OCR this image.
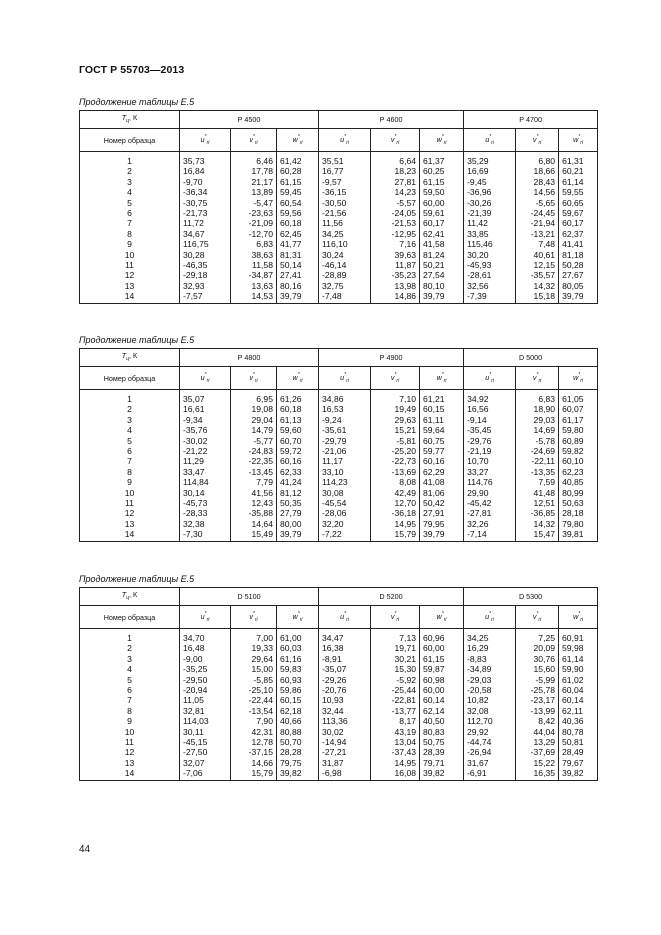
ГОСТ Р 55703—2013
Продолжение таблицы Е.5
$T_ц$, К	Р 4500			Р 4600			Р 4700		
Номер образца	$u^*_{ri}$	$v^*_{ri}$	$w^*_{ri}$	$u^*_{ri}$	$v^*_{ri}$	$w^*_{ri}$	$u^*_{ri}$	$v^*_{ri}$	$w^*_{ri}$

1	35,73	6,46	61,42	35,51	6,64	61,37	35,29	6,80	61,31
2	16,84	17,78	60,28	16,77	18,23	60,25	16,69	18,66	60,21
3	-9,70	21,17	61,15	-9,57	27,81	61,15	-9,45	28,43	61,14
4	-36,34	13,89	59,45	-36,15	14,23	59,50	-36,96	14,56	59,55
5	-30,75	-5,47	60,54	-30,50	-5,57	60,00	-30,26	-5,65	60,65
6	-21,73	-23,63	59,56	-21,56	-24,05	59,61	-21,39	-24,45	59,67
7	11,72	-21,09	60,18	11,56	-21,53	60,17	11,42	-21,94	60,17
8	34,67	-12,70	62,45	34,25	-12,95	62,41	33,85	-13,21	62,37
9	116,75	6,83	41,77	116,10	7,16	41,58	115,46	7,48	41,41
10	30,28	38,63	81,31	30,24	39,63	81,24	30,20	40,61	81,18
11	-46,35	11,58	50,14	-46,14	11,87	50,21	-45,93	12,15	50,28
12	-29,18	-34,87	27,41	-28,89	-35,23	27,54	-28,61	-35,57	27,67
13	32,93	13,63	80,16	32,75	13,98	80,10	32,56	14,32	80,05
14	-7,57	14,53	39,79	-7,48	14,86	39,79	-7,39	15,18	39,79
Продолжение таблицы Е.5
$T_ц$, К	Р 4800			Р 4900			D 5000		
Номер образца	$u^*_{ri}$	$v^*_{ri}$	$w^*_{ri}$	$u^*_{ri}$	$v^*_{ri}$	$w^*_{ri}$	$u^*_{ri}$	$v^*_{ri}$	$w^*_{ri}$

1	35,07	6,95	61,26	34,86	7,10	61,21	34,92	6,83	61,05
2	16,61	19,08	60,18	16,53	19,49	60,15	16,56	18,90	60,07
3	-9,34	29,04	61,13	-9,24	29,63	61,11	-9,14	29,03	61,17
4	-35,76	14,79	59,60	-35,61	15,21	59,64	-35,45	14,69	59,80
5	-30,02	-5,77	60,70	-29,79	-5,81	60,75	-29,76	-5,78	60,89
6	-21,22	-24,83	59,72	-21,06	-25,20	59,77	-21,19	-24,69	59,82
7	11,29	-22,35	60,16	11,17	-22,73	60,16	10,70	-22,11	60,10
8	33,47	-13,45	62,33	33,10	-13,69	62,29	33,27	-13,35	62,23
9	114,84	7,79	41,24	114,23	8,08	41,08	114,76	7,59	40,85
10	30,14	41,56	81,12	30,08	42,49	81,06	29,90	41,48	80,99
11	-45,73	12,43	50,35	-45,54	12,70	50,42	-45,42	12,51	50,63
12	-28,33	-35,88	27,79	-28,06	-36,18	27,91	-27,81	-36,85	28,18
13	32,38	14,64	80,00	32,20	14,95	79,95	32,26	14,32	79,80
14	-7,30	15,49	39,79	-7,22	15,79	39,79	-7,14	15,47	39,81
Продолжение таблицы Е.5
$T_ц$, К	D 5100			D 5200			D 5300		
Номер образца	$u^*_{ri}$	$v^*_{ri}$	$w^*_{ri}$	$u^*_{ri}$	$v^*_{ri}$	$w^*_{ri}$	$u^*_{ri}$	$v^*_{ri}$	$w^*_{ri}$

1	34,70	7,00	61,00	34,47	7,13	60,96	34,25	7,25	60,91
2	16,48	19,33	60,03	16,38	19,71	60,00	16,29	20,09	59,98
3	-9,00	29,64	61,16	-8,91	30,21	61,15	-8,83	30,76	61,14
4	-35,25	15,00	59,83	-35,07	15,30	59,87	-34,89	15,60	59,90
5	-29,50	-5,85	60,93	-29,26	-5,92	60,98	-29,03	-5,99	61,02
6	-20,94	-25,10	59,86	-20,76	-25,44	60,00	-20,58	-25,78	60,04
7	11,05	-22,44	60,15	10,93	-22,81	60,14	10,82	-23,17	60,14
8	32,81	-13,54	62,18	32,44	-13,77	62,14	32,08	-13,99	62,11
9	114,03	7,90	40,66	113,36	8,17	40,50	112,70	8,42	40,36
10	30,11	42,31	80,88	30,02	43,19	80,83	29,92	44,04	80,78
11	-45,15	12,78	50,70	-14,94	13,04	50,75	-44,74	13,29	50,81
12	-27,50	-37,15	28,28	-27,21	-37,43	28,39	-26,94	-37,69	28,49
13	32,07	14,66	79,75	31,87	14,95	79,71	31,67	15,22	79,67
14	-7,06	15,79	39,82	-6,98	16,08	39,82	-6,91	16,35	39,82
44
